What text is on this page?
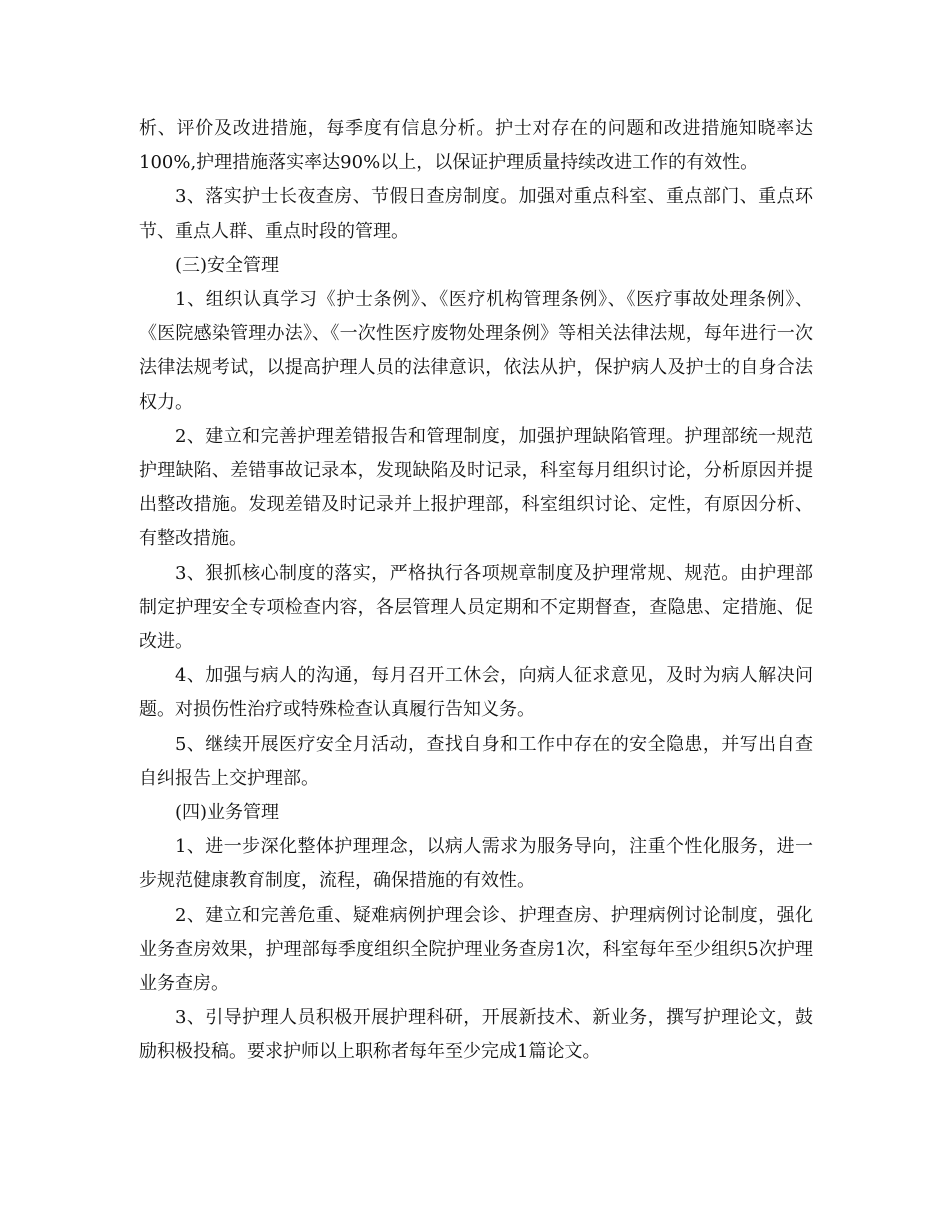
析、评价及改进措施，每季度有信息分析。护士对存在的问题和改进措施知晓率达100%,护理措施落实率达90%以上，以保证护理质量持续改进工作的有效性。

3、落实护士长夜查房、节假日查房制度。加强对重点科室、重点部门、重点环节、重点人群、重点时段的管理。

(三)安全管理

1、组织认真学习《护士条例》、《医疗机构管理条例》、《医疗事故处理条例》、《医院感染管理办法》、《一次性医疗废物处理条例》等相关法律法规，每年进行一次法律法规考试，以提高护理人员的法律意识，依法从护，保护病人及护士的自身合法权力。

2、建立和完善护理差错报告和管理制度，加强护理缺陷管理。护理部统一规范护理缺陷、差错事故记录本，发现缺陷及时记录，科室每月组织讨论，分析原因并提出整改措施。发现差错及时记录并上报护理部，科室组织讨论、定性，有原因分析、有整改措施。

3、狠抓核心制度的落实，严格执行各项规章制度及护理常规、规范。由护理部制定护理安全专项检查内容，各层管理人员定期和不定期督查，查隐患、定措施、促改进。

4、加强与病人的沟通，每月召开工休会，向病人征求意见，及时为病人解决问题。对损伤性治疗或特殊检查认真履行告知义务。

5、继续开展医疗安全月活动，查找自身和工作中存在的安全隐患，并写出自查自纠报告上交护理部。

(四)业务管理

1、进一步深化整体护理理念，以病人需求为服务导向，注重个性化服务，进一步规范健康教育制度，流程，确保措施的有效性。

2、建立和完善危重、疑难病例护理会诊、护理查房、护理病例讨论制度，强化业务查房效果，护理部每季度组织全院护理业务查房1次，科室每年至少组织5次护理业务查房。

3、引导护理人员积极开展护理科研，开展新技术、新业务，撰写护理论文，鼓励积极投稿。要求护师以上职称者每年至少完成1篇论文。
